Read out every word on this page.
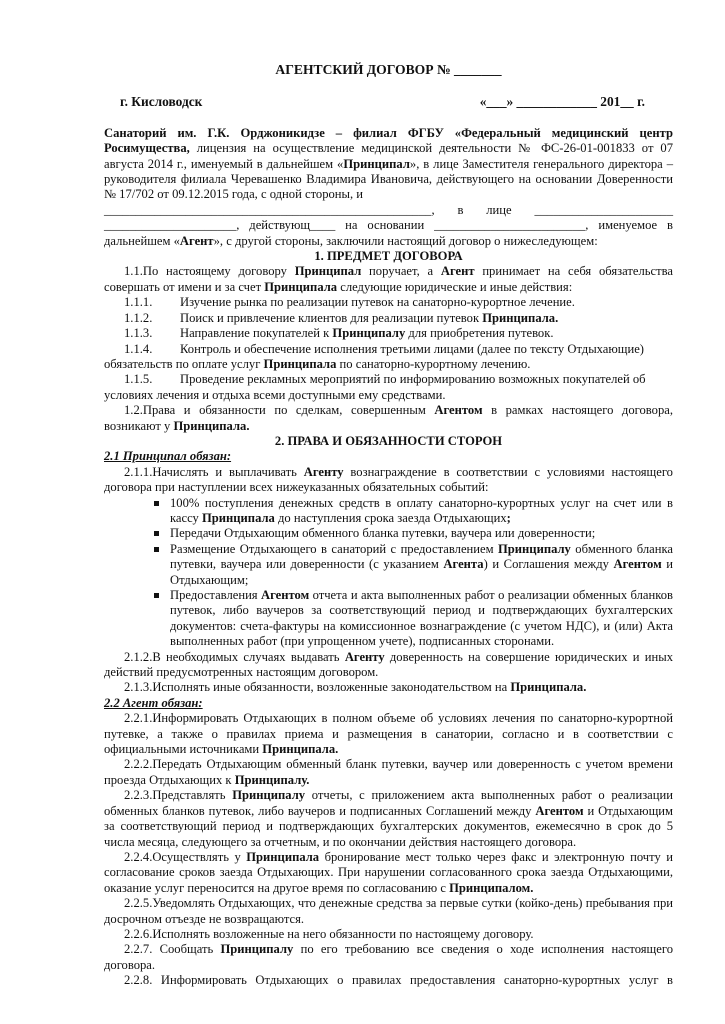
АГЕНТСКИЙ ДОГОВОР № _______

г. Кисловодск	«___» ____________ 201__ г.

Санаторий им. Г.К. Орджоникидзе – филиал ФГБУ «Федеральный медицинский центр Росимущества, лицензия на осуществление медицинской деятельности № ФС-26-01-001833 от 07 августа 2014 г., именуемый в дальнейшем «Принципал», в лице Заместителя генерального директора – руководителя филиала Черевашенко Владимира Ивановича, действующего на основании Доверенности № 17/702 от 09.12.2015 года, с одной стороны, и

____________________________________________________, в лице ______________________

_____________________, действующ____ на основании ________________________, именуемое в

дальнейшем «Агент», с другой стороны, заключили настоящий договор о нижеследующем:

1. ПРЕДМЕТ ДОГОВОРА

1.1.По настоящему договору Принципал поручает, а Агент принимает на себя обязательства совершать от имени и за счет Принципала следующие юридические и иные действия:

1.1.1.	Изучение рынка по реализации путевок на санаторно-курортное лечение.
1.1.2.	Поиск и привлечение клиентов для реализации путевок Принципала.
1.1.3.	Направление покупателей к Принципалу для приобретения путевок.
1.1.4.	Контроль и обеспечение исполнения третьими лицами (далее по тексту Отдыхающие)

обязательств по оплате услуг Принципала по санаторно-курортному лечению.

1.1.5.	Проведение рекламных мероприятий по информированию возможных покупателей об

условиях лечения и отдыха всеми доступными ему средствами.

1.2.Права и обязанности по сделкам, совершенным Агентом в рамках настоящего договора, возникают у Принципала.

2. ПРАВА И ОБЯЗАННОСТИ СТОРОН

2.1 Принципал обязан:

2.1.1.Начислять и выплачивать Агенту вознаграждение в соответствии с условиями настоящего договора при наступлении всех нижеуказанных обязательных событий:

100% поступления денежных средств в оплату санаторно-курортных услуг на счет или в кассу Принципала до наступления срока заезда Отдыхающих;
Передачи Отдыхающим обменного бланка путевки, ваучера или доверенности;
Размещение Отдыхающего в санаторий с предоставлением Принципалу обменного бланка путевки, ваучера или доверенности (с указанием Агента) и Соглашения между Агентом и Отдыхающим;
Предоставления Агентом отчета и акта выполненных работ о реализации обменных бланков путевок, либо ваучеров за соответствующий период и подтверждающих бухгалтерских документов: счета-фактуры на комиссионное вознаграждение (с учетом НДС), и (или) Акта выполненных работ (при упрощенном учете), подписанных сторонами.

2.1.2.В необходимых случаях выдавать Агенту доверенность на совершение юридических и иных действий предусмотренных настоящим договором.

2.1.3.Исполнять иные обязанности, возложенные законодательством на Принципала.

2.2 Агент обязан:

2.2.1.Информировать Отдыхающих в полном объеме об условиях лечения по санаторно-курортной путевке, а также о правилах приема и размещения в санатории, согласно и в соответствии с официальными источниками Принципала.

2.2.2.Передать Отдыхающим обменный бланк путевки, ваучер или доверенность с учетом времени проезда Отдыхающих к Принципалу.

2.2.3.Представлять Принципалу отчеты, с приложением акта выполненных работ о реализации обменных бланков путевок, либо ваучеров и подписанных Соглашений между Агентом и Отдыхающим за соответствующий период и подтверждающих бухгалтерских документов, ежемесячно в срок до 5 числа месяца, следующего за отчетным, и по окончании действия настоящего договора.

2.2.4.Осуществлять у Принципала бронирование мест только через факс и электронную почту и согласование сроков заезда Отдыхающих. При нарушении согласованного срока заезда Отдыхающими, оказание услуг переносится на другое время по согласованию с Принципалом.

2.2.5.Уведомлять Отдыхающих, что денежные средства за первые сутки (койко-день) пребывания при досрочном отъезде не возвращаются.

2.2.6.Исполнять возложенные на него обязанности по настоящему договору.

2.2.7. Сообщать Принципалу по его требованию все сведения о ходе исполнения настоящего договора.

2.2.8. Информировать Отдыхающих о правилах предоставления санаторно-курортных услуг в
